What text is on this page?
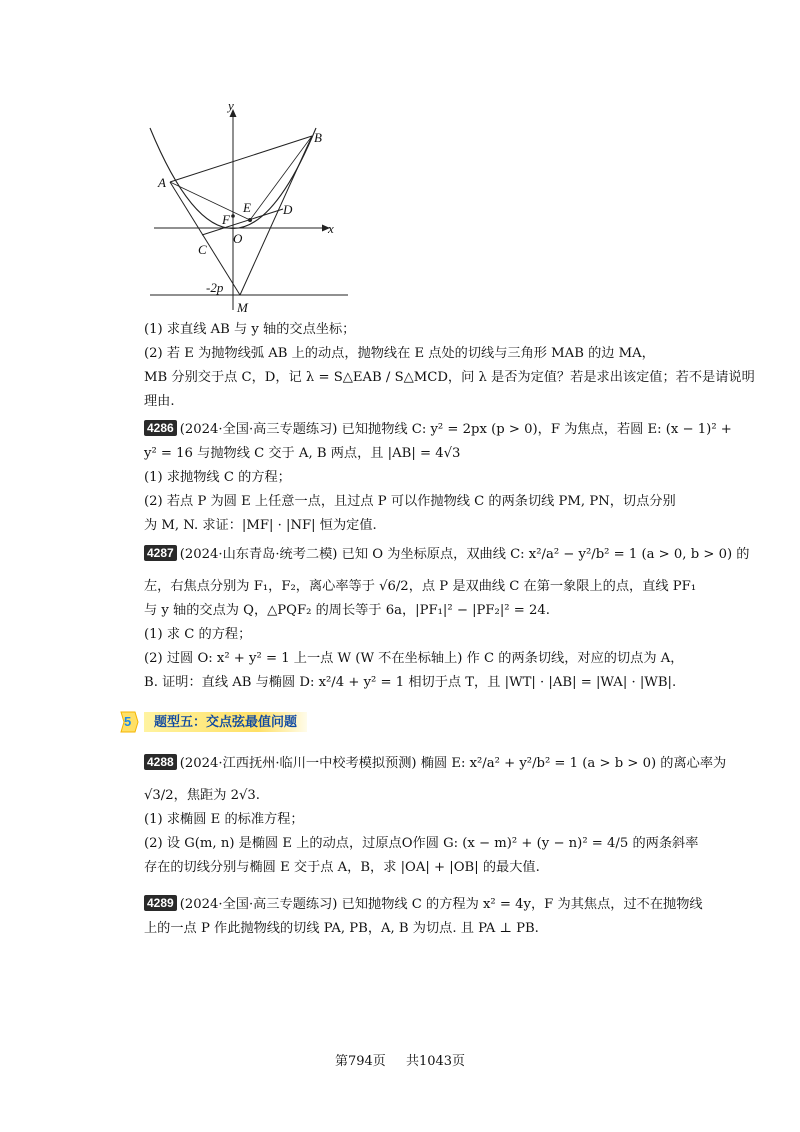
y
x
B
A
E D
F
O
C
-2p
M
(1) 求直线 AB 与 y 轴的交点坐标；
(2) 若 E 为抛物线弧 AB 上的动点，抛物线在 E 点处的切线与三角形 MAB 的边 MA，
MB 分别交于点 C，D，记 λ = S△EAB / S△MCD，问 λ 是否为定值？若是求出该定值；若不是请说明
理由.
4286 (2024·全国·高三专题练习) 已知抛物线 C: y² = 2px (p > 0)，F 为焦点，若圆 E: (x − 1)² +
y² = 16 与抛物线 C 交于 A, B 两点，且 |AB| = 4√3
(1) 求抛物线 C 的方程；
(2) 若点 P 为圆 E 上任意一点，且过点 P 可以作抛物线 C 的两条切线 PM, PN，切点分别
为 M, N. 求证：|MF| · |NF| 恒为定值.
4287 (2024·山东青岛·统考二模) 已知 O 为坐标原点，双曲线 C: x²/a² − y²/b² = 1 (a > 0, b > 0) 的
左，右焦点分别为 F₁，F₂，离心率等于 √6/2，点 P 是双曲线 C 在第一象限上的点，直线 PF₁
与 y 轴的交点为 Q，△PQF₂ 的周长等于 6a，|PF₁|² − |PF₂|² = 24.
(1) 求 C 的方程；
(2) 过圆 O: x² + y² = 1 上一点 W (W 不在坐标轴上) 作 C 的两条切线，对应的切点为 A，
B. 证明：直线 AB 与椭圆 D: x²/4 + y² = 1 相切于点 T，且 |WT| · |AB| = |WA| · |WB|.
5	题型五：交点弦最值问题
4288 (2024·江西抚州·临川一中校考模拟预测) 椭圆 E: x²/a² + y²/b² = 1 (a > b > 0) 的离心率为
√3/2，焦距为 2√3.
(1) 求椭圆 E 的标准方程；
(2) 设 G(m, n) 是椭圆 E 上的动点，过原点O作圆 G: (x − m)² + (y − n)² = 4/5 的两条斜率
存在的切线分别与椭圆 E 交于点 A，B，求 |OA| + |OB| 的最大值.
4289 (2024·全国·高三专题练习) 已知抛物线 C 的方程为 x² = 4y，F 为其焦点，过不在抛物线
上的一点 P 作此抛物线的切线 PA, PB，A, B 为切点. 且 PA ⊥ PB.
第794页 共1043页
